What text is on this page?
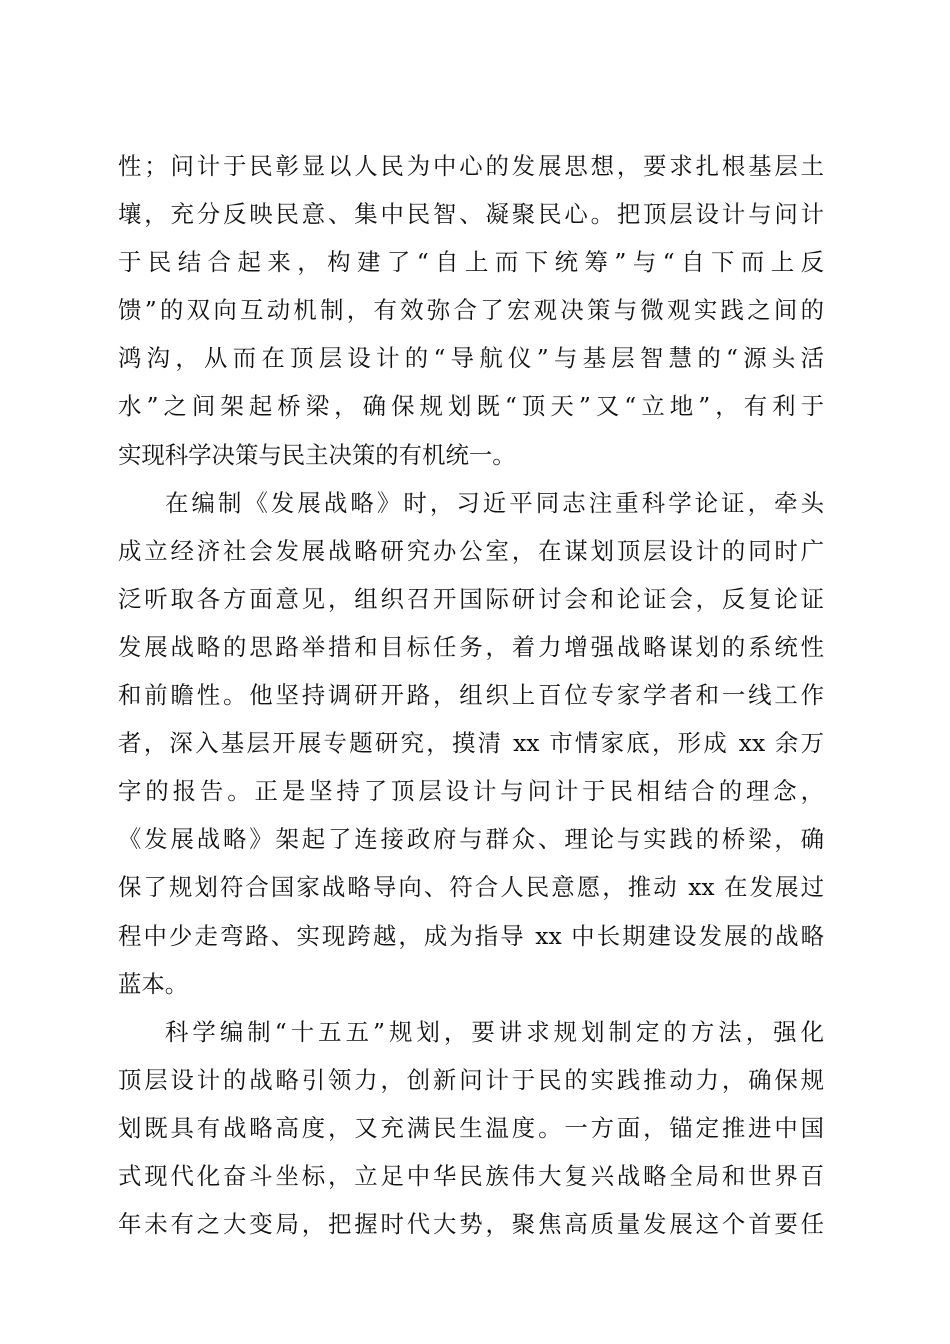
性；问计于民彰显以人民为中心的发展思想，要求扎根基层土
壤，充分反映民意、集中民智、凝聚民心。把顶层设计与问计
于民结合起来，构建了“自上而下统筹”与“自下而上反
馈”的双向互动机制，有效弥合了宏观决策与微观实践之间的
鸿沟，从而在顶层设计的“导航仪”与基层智慧的“源头活
水”之间架起桥梁，确保规划既“顶天”又“立地”，有利于
实现科学决策与民主决策的有机统一。
在编制《发展战略》时，习近平同志注重科学论证，牵头
成立经济社会发展战略研究办公室，在谋划顶层设计的同时广
泛听取各方面意见，组织召开国际研讨会和论证会，反复论证
发展战略的思路举措和目标任务，着力增强战略谋划的系统性
和前瞻性。他坚持调研开路，组织上百位专家学者和一线工作
者，深入基层开展专题研究，摸清 xx 市情家底，形成 xx 余万
字的报告。正是坚持了顶层设计与问计于民相结合的理念，
《发展战略》架起了连接政府与群众、理论与实践的桥梁，确
保了规划符合国家战略导向、符合人民意愿，推动 xx 在发展过
程中少走弯路、实现跨越，成为指导 xx 中长期建设发展的战略
蓝本。
科学编制“十五五”规划，要讲求规划制定的方法，强化
顶层设计的战略引领力，创新问计于民的实践推动力，确保规
划既具有战略高度，又充满民生温度。一方面，锚定推进中国
式现代化奋斗坐标，立足中华民族伟大复兴战略全局和世界百
年未有之大变局，把握时代大势，聚焦高质量发展这个首要任
